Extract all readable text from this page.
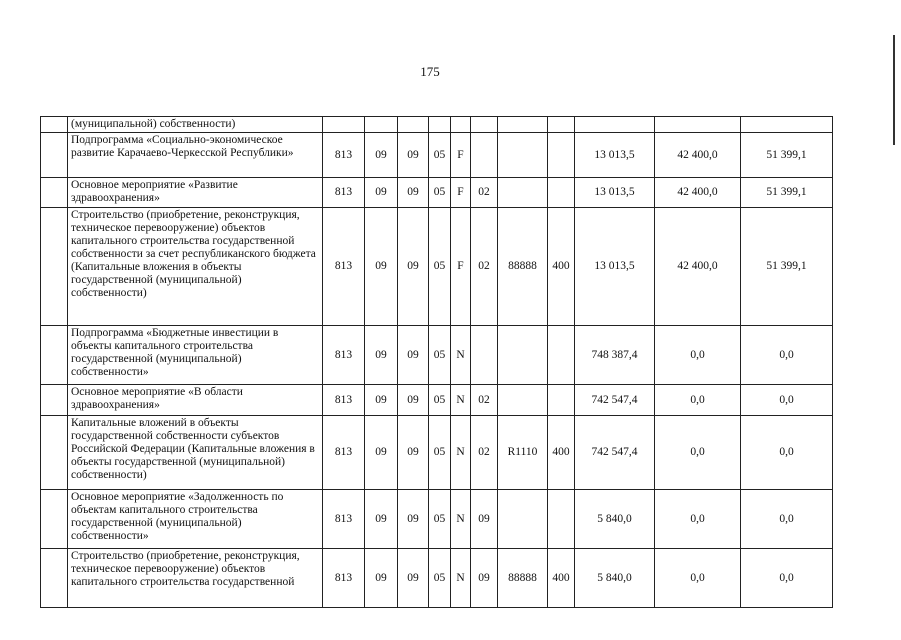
175
	(муниципальной) собственности)											
	Подпрограмма «Социально-экономическое развитие Карачаево-Черкесской Республики»	813	09	09	05	F				13 013,5	42 400,0	51 399,1
	Основное мероприятие «Развитие здравоохранения»	813	09	09	05	F	02			13 013,5	42 400,0	51 399,1
	Строительство (приобретение, реконструкция, техническое перевооружение) объектов капитального строительства государственной собственности за счет республиканского бюджета (Капитальные вложения в объекты государственной (муниципальной) собственности)	813	09	09	05	F	02	88888	400	13 013,5	42 400,0	51 399,1
	Подпрограмма «Бюджетные инвестиции в объекты капитального строительства государственной (муниципальной) собственности»	813	09	09	05	N				748 387,4	0,0	0,0
	Основное мероприятие «В области здравоохранения»	813	09	09	05	N	02			742 547,4	0,0	0,0
	Капитальные вложений в объекты государственной собственности субъектов Российской Федерации (Капитальные вложения в объекты государственной (муниципальной) собственности)	813	09	09	05	N	02	R1110	400	742 547,4	0,0	0,0
	Основное мероприятие «Задолженность по объектам капитального строительства государственной (муниципальной) собственности»	813	09	09	05	N	09			5 840,0	0,0	0,0
	Строительство (приобретение, реконструкция, техническое перевооружение) объектов капитального строительства государственной	813	09	09	05	N	09	88888	400	5 840,0	0,0	0,0
